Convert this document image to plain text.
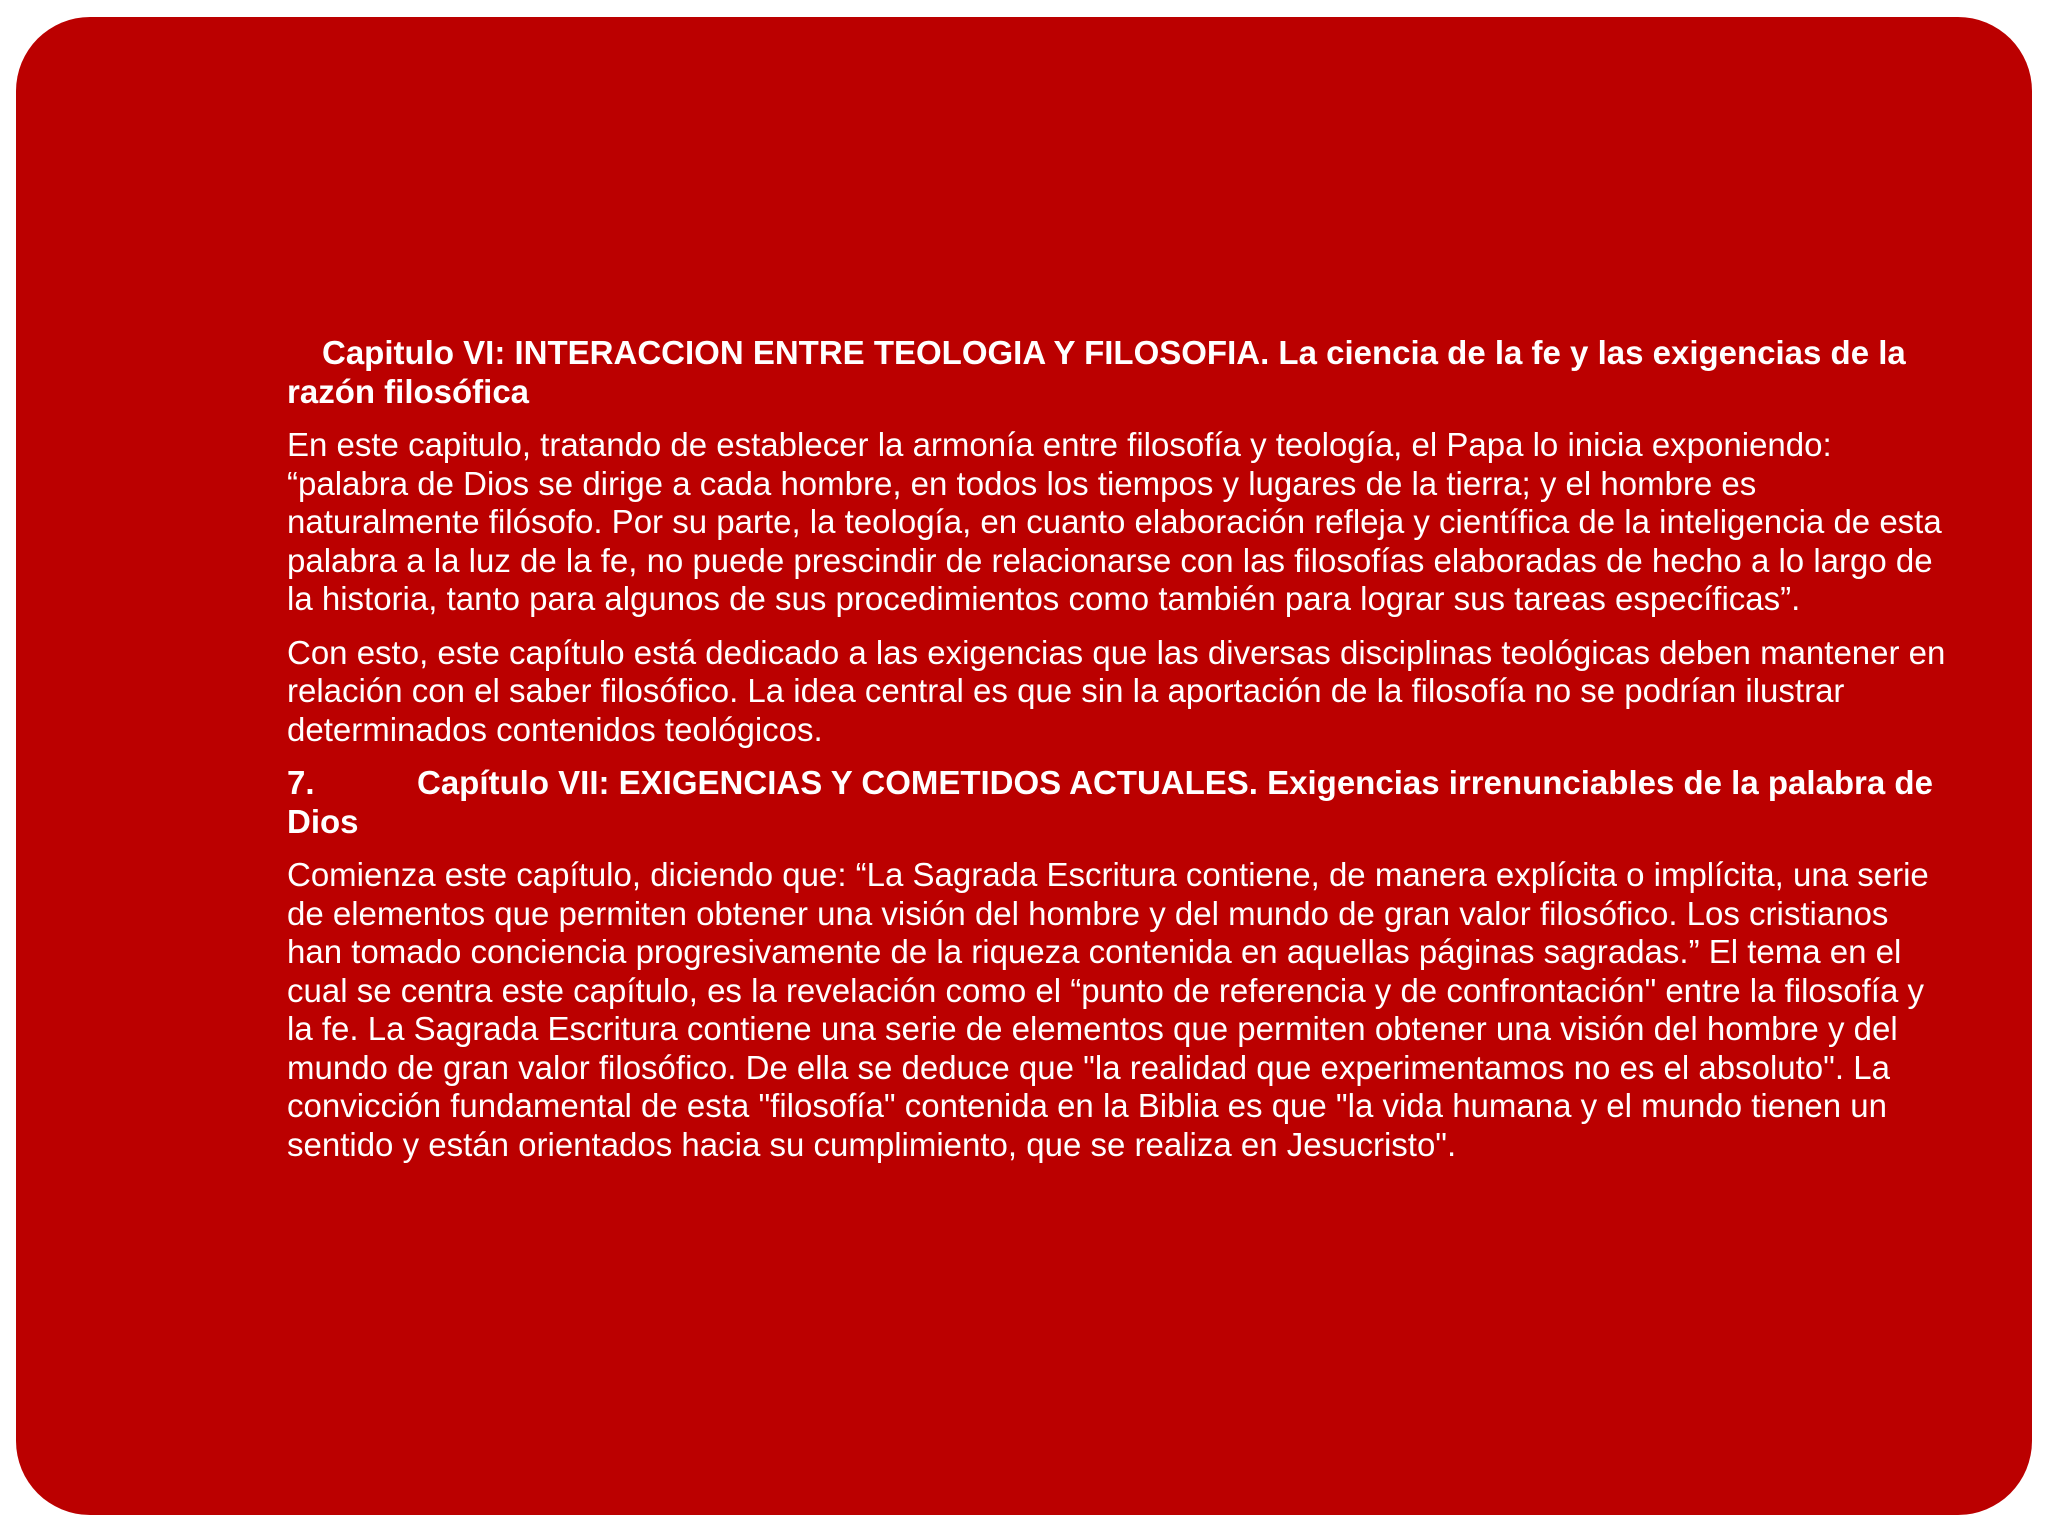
Capitulo VI: INTERACCION ENTRE TEOLOGIA Y FILOSOFIA. La ciencia de la fe y las exigencias de la razón filosófica

En este capitulo, tratando de establecer la armonía entre filosofía y teología, el Papa lo inicia exponiendo: “palabra de Dios se dirige a cada hombre, en todos los tiempos y lugares de la tierra; y el hombre es naturalmente filósofo. Por su parte, la teología, en cuanto elaboración refleja y científica de la inteligencia de esta palabra a la luz de la fe, no puede prescindir de relacionarse con las filosofías elaboradas de hecho a lo largo de la historia, tanto para algunos de sus procedimientos como también para lograr sus tareas específicas”.

Con esto, este capítulo está dedicado a las exigencias que las diversas disciplinas teológicas deben mantener en relación con el saber filosófico. La idea central es que sin la aportación de la filosofía no se podrían ilustrar determinados contenidos teológicos.

7.	Capítulo VII: EXIGENCIAS Y COMETIDOS ACTUALES. Exigencias irrenunciables de la palabra de Dios

Comienza este capítulo, diciendo que: “La Sagrada Escritura contiene, de manera explícita o implícita, una serie de elementos que permiten obtener una visión del hombre y del mundo de gran valor filosófico. Los cristianos han tomado conciencia progresivamente de la riqueza contenida en aquellas páginas sagradas.” El tema en el cual se centra este capítulo, es la revelación como el “punto de referencia y de confrontación" entre la filosofía y la fe. La Sagrada Escritura contiene una serie de elementos que permiten obtener una visión del hombre y del mundo de gran valor filosófico. De ella se deduce que "la realidad que experimentamos no es el absoluto". La convicción fundamental de esta "filosofía" contenida en la Biblia es que "la vida humana y el mundo tienen un sentido y están orientados hacia su cumplimiento, que se realiza en Jesucristo".
